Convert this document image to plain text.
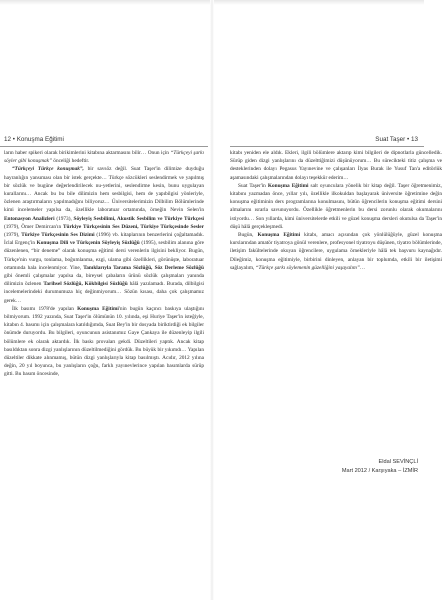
12 • Konuşma Eğitimi

ların haber spikeri olarak birikimlerini kitabına aktarmasını bilir… Onun için “Türkçeyi şarkı söyler gibi konuşmak” önceliği hedeftir.

“Türkçeyi Türkçe konuşmak”, bir savsöz değil. Suat Taşer'in dilimize duyduğu hayranlığın yansıması olan bir istek gerçekte… Türkçe sözcükleri seslendirmek ve yapılmış bir sözlük ve bugüne değerlendirilecek nu-yetlerini, seslendirme kesin, bunu uygulayan kurallarını… Ancak bu bu bile dilimizin hem sesbilgisi, hem de yapıbilgisi yönleriyle, özlenen araştırmaların yapılmadığını biliyoruz… Üniversitelerimizin Dilbilim Bölümlerinde kimi incelemeler yapılsa da, özellikle laboratuar ortamında, örneğin Nevin Selen'in Entonasyon Analizleri (1973), Söyleyiş Sesbilimi, Akustik Sesbilim ve Türkiye Türkçesi (1979), Ömer Demircan'ın Türkiye Türkçesinin Ses Düzeni, Türkiye Türkçesinde Sesler (1979), Türkiye Türkçesinin Ses Dizimi (1996) vb. kitaplarının benzerlerini çoğaltamadık. İclal Ergenç'in Konuşma Dili ve Türkçenin Söyleyiş Sözlüğü (1995), sesbilim alanına göre düzenlenen, “bir deneme” olarak konuşma eğitimi dersi verenlerin ilgisini bekliyor. Bugün, Türkçe'nin vurgu, tonlama, boğumlanma, ezgi, ulama gibi özellikleri, görünüşte, laboratuar ortamında hala incelenmiyor. Yine, Tanıklarıyla Tarama Sözlüğü, Söz Derleme Sözlüğü gibi önemli çalışmalar yapılsa da, bireysel çabaların ürünü sözlük çalışmaları yanında dilimizin özlenen Tarihsel Sözlüğü, Kökbilgisi Sözlüğü hâlâ yazılamadı. Burada, dilbilgisi incelemelerindeki durumumuza hiç değinmiyorum… Sözün kısası, daha çok çalışmamız gerek…

İlk basımı 1978'de yapılan Konuşma Eğitimi'nin bugün kaçıncı baskıya ulaştığını bilmiyorum. 1992 yazında, Suat Taşer'in ölümünün 10. yılında, eşi Huriye Taşer'in isteğiyle, kitabın 4. basımı için çalışmalara katıldığımda, Suat Bey'in bir dosyada biriktirdiği ek bilgiler önümde duruyordu. Bu bilgileri, oyuncunun asistanımız Gaye Çankaya ile düzenleyip ilgili bölümlere ek olarak aktardık. İlk baskı provaları gekdi. Düzeltileri yaptık. Ancak kitap basıldıktan sonra dizgi yanlışlarının düzeltilmediğini gördük. Bu büyük bir yıkımdı… Yapılan düzeltiler dikkate alınmamış, bütün dizgi yanlışlarıyla kitap basılmıştı. Acıdır, 2012 yılına değin, 20 yıl boyunca, bu yanlışların çoğu, farklı yayınevlerince yapılan basımlarda sürüp gitti. Bu basım öncesinde,

Suat Taşer • 13

kitabı yeniden ele aldık. Ekleri, ilgili bölümlere aktarıp kimi bilgileri de dipnotlarla güncelledik. Sürüp giden dizgi yanlışlarını da düzelttiğimizi düşünüyorum… Bu sürecikteki titiz çalışma ve desteklerinden dolayı Pegasus Yayınevine ve çalışanları İlyas Burak ile Yusuf Tan'a editörlük aşamasındaki çalışmalarından dolayı teşekkür ederim…

Suat Taşer'in Konuşma Eğitimi salt oyunculara yönelik bir kitap değil. Taşer öğretmenimiz, kitabını yazmadan önce, yıllar yılı, özellikle ilkokuldan başlayarak üniversite öğretimine değin konuşma eğitiminin ders programlarına konulmasını, bütün öğrencilerin konuşma eğitimi dersini almalarını ısrarla savunuyordu. Özellikle öğretmenlerin bu dersi zorunlu olarak okumalarını istiyordu… Son yıllarda, kimi üniversitelerde etkili ve güzel konuşma dersleri okutulsa da Taşer'in düşü hâlâ gerçekleşmedi.

Bugün, Konuşma Eğitimi kitabı, amacı açısından çok yönlülüğüyle, güzel konuşma kurslarından amatör tiyatroya gönül verenlere, profesyonel tiyatroyu düşünen, tiyatro bölümlerinde, iletişim fakültelerinde okuyan öğrencilere, uygulama örnekleriyle hâlâ tek başvuru kaynağıdır. Dileğimiz, konuşma eğitimiyle, birbirini dinleyen, anlayan bir toplumda, etkili bir iletişimi sağlayalım, “Türkçe şarkı söylemenin güzelliğini yaşayalım”…

Eldal SEVİNÇLİ
Mart 2012 / Karşıyaka – İZMİR
